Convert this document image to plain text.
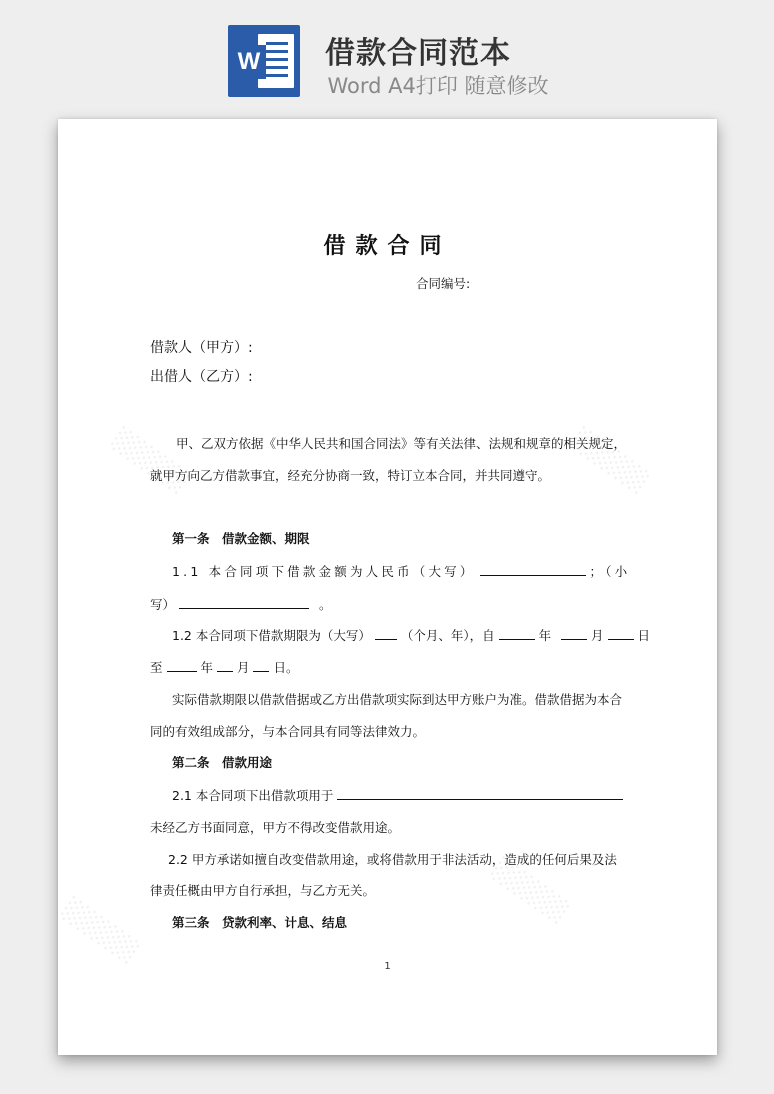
W 借款合同范本
Word A4打印 随意修改
░░░░░	░░░░░
░░░░░
░░░░░
借款合同
合同编号:
借款人（甲方）:
出借人（乙方）:
甲、乙双方依据《中华人民共和国合同法》等有关法律、法规和规章的相关规定，
就甲方向乙方借款事宜，经充分协商一致，特订立本合同，并共同遵守。
第一条　借款金额、期限
1.1 本合同项下借款金额为人民币（大写）	；（小
写）	。
1.2 本合同项下借款期限为（大写） （个月、年），自	年	月	日
至	年 月 日。
实际借款期限以借款借据或乙方出借款项实际到达甲方账户为准。借款借据为本合
同的有效组成部分，与本合同具有同等法律效力。
第二条　借款用途
2.1 本合同项下出借款项用于
未经乙方书面同意，甲方不得改变借款用途。
2.2 甲方承诺如擅自改变借款用途，或将借款用于非法活动，造成的任何后果及法
律责任概由甲方自行承担，与乙方无关。
第三条　贷款利率、计息、结息
1
